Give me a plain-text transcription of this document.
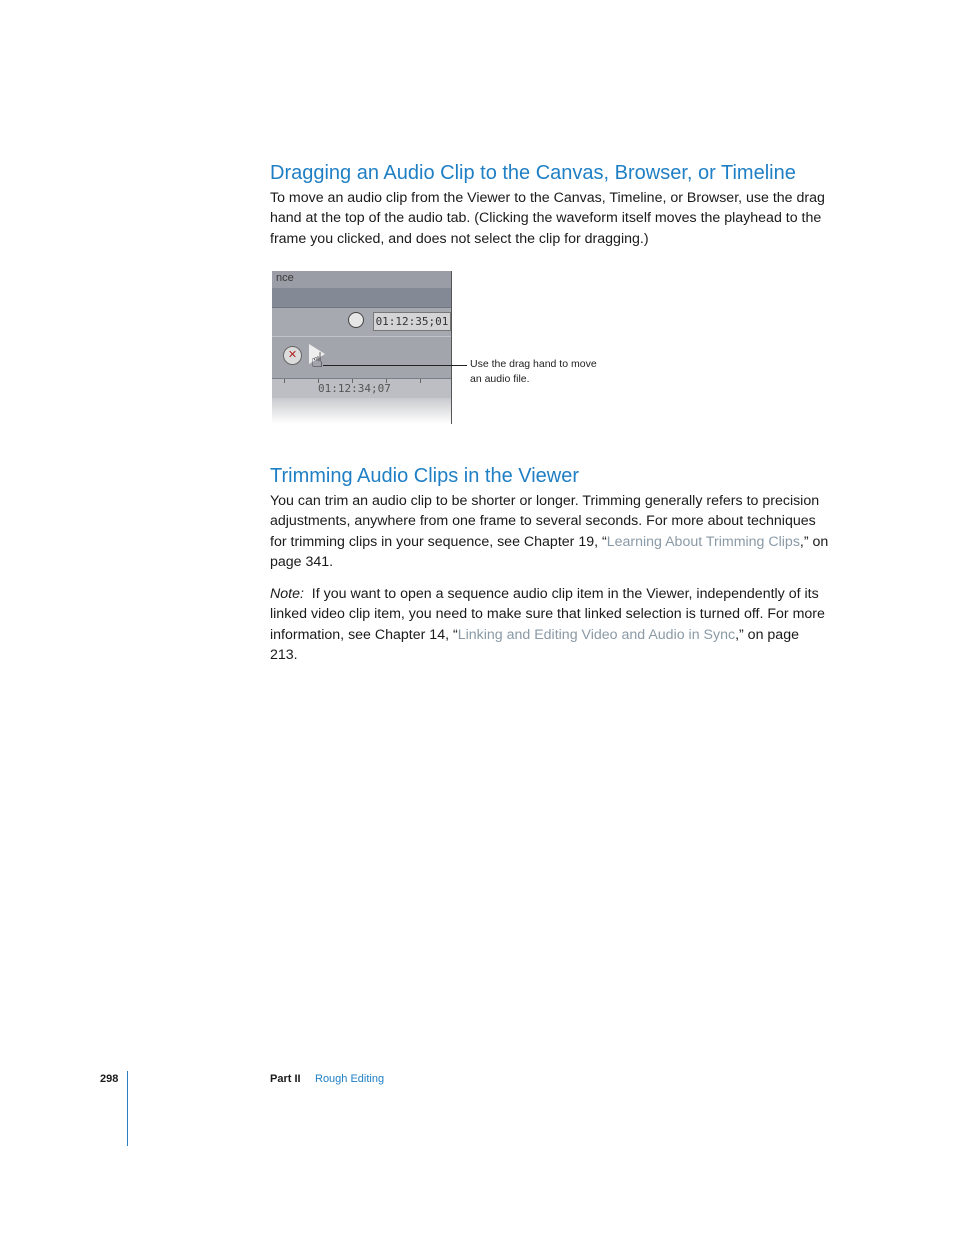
Dragging an Audio Clip to the Canvas, Browser, or Timeline

To move an audio clip from the Viewer to the Canvas, Timeline, or Browser, use the drag hand at the top of the audio tab. (Clicking the waveform itself moves the playhead to the frame you clicked, and does not select the clip for dragging.)

nce
01:12:35;01
✕ ☝
01:12:34;07

Use the drag hand to move an audio file.

Trimming Audio Clips in the Viewer

You can trim an audio clip to be shorter or longer. Trimming generally refers to precision adjustments, anywhere from one frame to several seconds. For more about techniques for trimming clips in your sequence, see Chapter 19, “Learning About Trimming Clips,” on page 341.

Note:  If you want to open a sequence audio clip item in the Viewer, independently of its linked video clip item, you need to make sure that linked selection is turned off. For more information, see Chapter 14, “Linking and Editing Video and Audio in Sync,” on page 213.

298	Part II Rough Editing
